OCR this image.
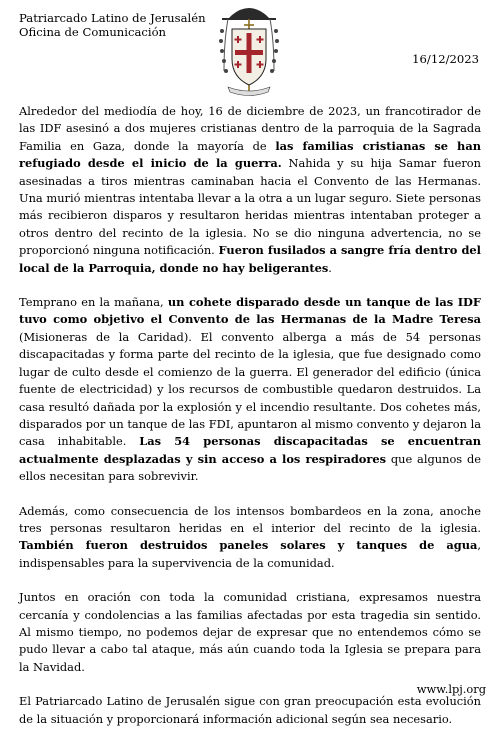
Patriarcado Latino de Jerusalén
Oficina de Comunicación
16/12/2023

Alrededor del mediodía de hoy, 16 de diciembre de 2023, un francotirador de las IDF asesinó a dos mujeres cristianas dentro de la parroquia de la Sagrada Familia en Gaza, donde la mayoría de las familias cristianas se han refugiado desde el inicio de la guerra. Nahida y su hija Samar fueron asesinadas a tiros mientras caminaban hacia el Convento de las Hermanas. Una murió mientras intentaba llevar a la otra a un lugar seguro. Siete personas más recibieron disparos y resultaron heridas mientras intentaban proteger a otros dentro del recinto de la iglesia. No se dio ninguna advertencia, no se proporcionó ninguna notificación. Fueron fusilados a sangre fría dentro del local de la Parroquia, donde no hay beligerantes.

Temprano en la mañana, un cohete disparado desde un tanque de las IDF tuvo como objetivo el Convento de las Hermanas de la Madre Teresa (Misioneras de la Caridad). El convento alberga a más de 54 personas discapacitadas y forma parte del recinto de la iglesia, que fue designado como lugar de culto desde el comienzo de la guerra. El generador del edificio (única fuente de electricidad) y los recursos de combustible quedaron destruidos. La casa resultó dañada por la explosión y el incendio resultante. Dos cohetes más, disparados por un tanque de las FDI, apuntaron al mismo convento y dejaron la casa inhabitable. Las 54 personas discapacitadas se encuentran actualmente desplazadas y sin acceso a los respiradores que algunos de ellos necesitan para sobrevivir.

Además, como consecuencia de los intensos bombardeos en la zona, anoche tres personas resultaron heridas en el interior del recinto de la iglesia. También fueron destruidos paneles solares y tanques de agua, indispensables para la supervivencia de la comunidad.

Juntos en oración con toda la comunidad cristiana, expresamos nuestra cercanía y condolencias a las familias afectadas por esta tragedia sin sentido. Al mismo tiempo, no podemos dejar de expresar que no entendemos cómo se pudo llevar a cabo tal ataque, más aún cuando toda la Iglesia se prepara para la Navidad.

El Patriarcado Latino de Jerusalén sigue con gran preocupación esta evolución de la situación y proporcionará información adicional según sea necesario.

www.lpj.org
